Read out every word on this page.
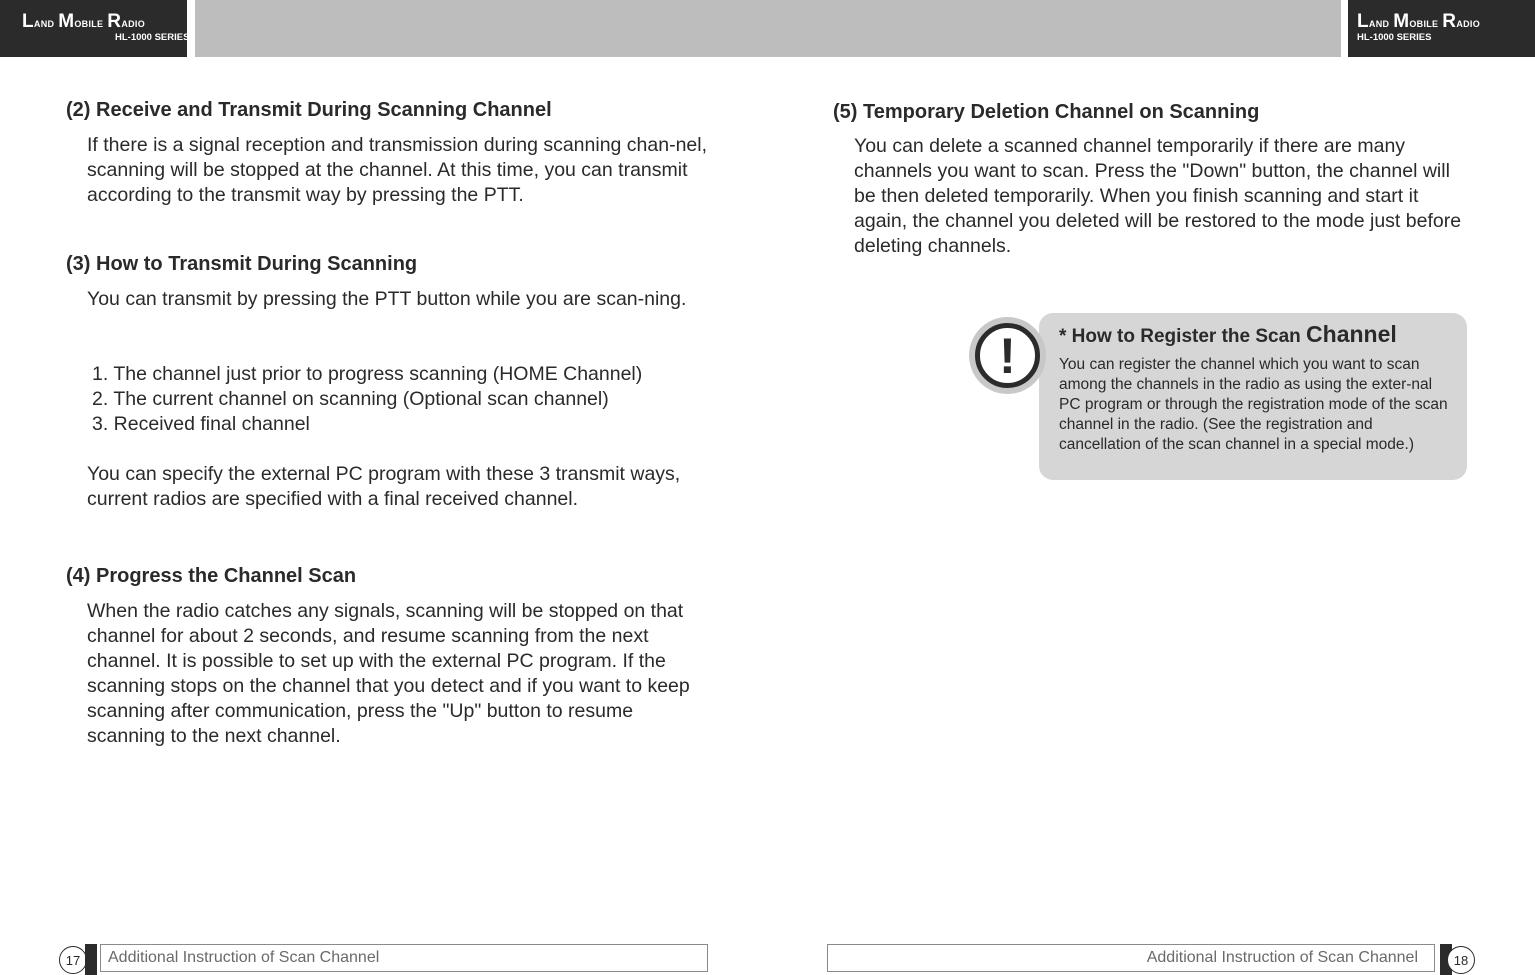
Land Mobile Radio
HL-1000 SERIES
Land Mobile Radio
HL-1000 SERIES
(2) Receive and Transmit During Scanning Channel

If there is a signal reception and transmission during scanning chan-nel, scanning will be stopped at the channel. At this time, you can transmit according to the transmit way by pressing the PTT.

(3) How to Transmit During Scanning

You can transmit by pressing the PTT button while you are scan-ning.

1. The channel just prior to progress scanning (HOME Channel)
2. The current channel on scanning (Optional scan channel)
3. Received final channel

You can specify the external PC program with these 3 transmit ways, current radios are specified with a final received channel.

(4) Progress the Channel Scan

When the radio catches any signals, scanning will be stopped on that channel for about 2 seconds, and resume scanning from the next channel. It is possible to set up with the external PC program. If the scanning stops on the channel that you detect and if you want to keep scanning after communication, press the "Up" button to resume scanning to the next channel.

(5) Temporary Deletion Channel on Scanning

You can delete a scanned channel temporarily if there are many channels you want to scan. Press the "Down" button, the channel will be then deleted temporarily. When you finish scanning and start it again, the channel you deleted will be restored to the mode just before deleting channels.

* How to Register the Scan Channel

You can register the channel which you want to scan among the channels in the radio as using the exter-nal PC program or through the registration mode of the scan channel in the radio. (See the registration and cancellation of the scan channel in a special mode.)

!
17	Additional Instruction of Scan Channel	Additional Instruction of Scan Channel	18
